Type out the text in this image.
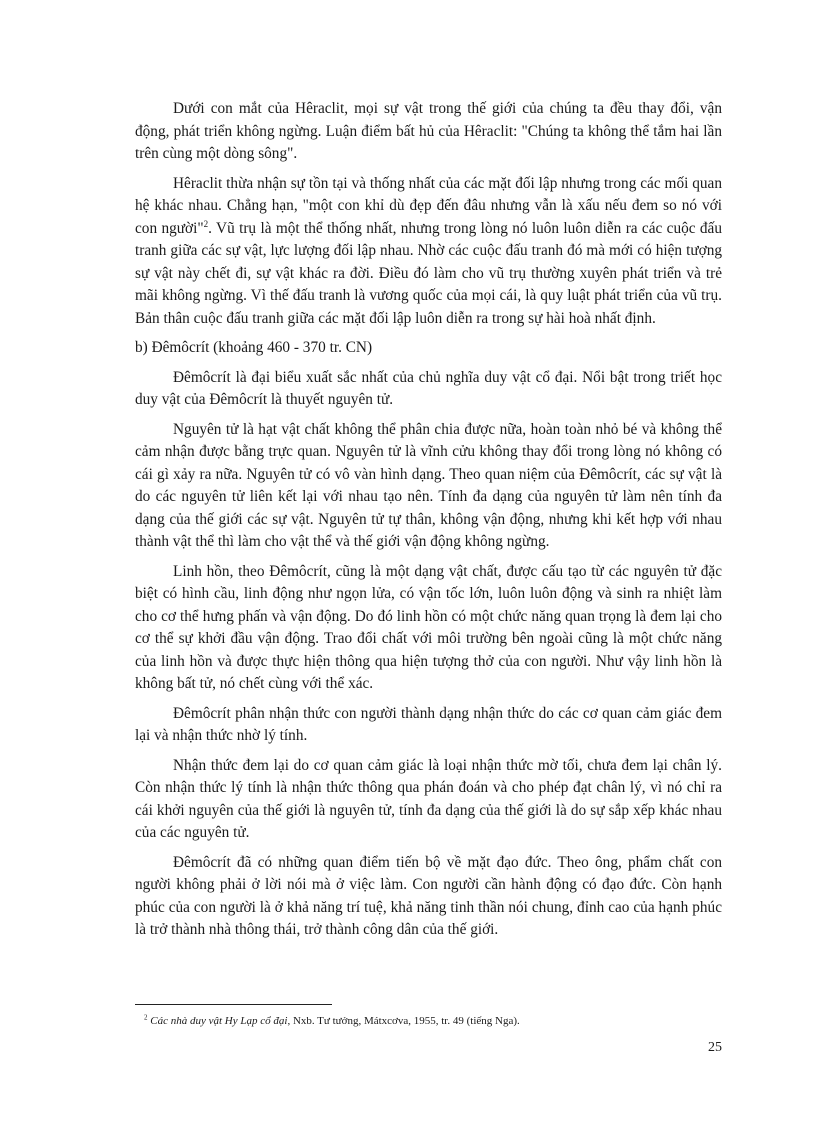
Dưới con mắt của Hêraclit, mọi sự vật trong thế giới của chúng ta đều thay đổi, vận động, phát triển không ngừng. Luận điểm bất hủ của Hêraclit: "Chúng ta không thể tắm hai lần trên cùng một dòng sông".

Hêraclit thừa nhận sự tồn tại và thống nhất của các mặt đối lập nhưng trong các mối quan hệ khác nhau. Chẳng hạn, "một con khỉ dù đẹp đến đâu nhưng vẫn là xấu nếu đem so nó với con người"$^2$. Vũ trụ là một thể thống nhất, nhưng trong lòng nó luôn luôn diễn ra các cuộc đấu tranh giữa các sự vật, lực lượng đối lập nhau. Nhờ các cuộc đấu tranh đó mà mới có hiện tượng sự vật này chết đi, sự vật khác ra đời. Điều đó làm cho vũ trụ thường xuyên phát triển và trẻ mãi không ngừng. Vì thế đấu tranh là vương quốc của mọi cái, là quy luật phát triển của vũ trụ. Bản thân cuộc đấu tranh giữa các mặt đối lập luôn diễn ra trong sự hài hoà nhất định.

b) Đêmôcrít (khoảng 460 - 370 tr. CN)

Đêmôcrít là đại biểu xuất sắc nhất của chủ nghĩa duy vật cổ đại. Nổi bật trong triết học duy vật của Đêmôcrít là thuyết nguyên tử.

Nguyên tử là hạt vật chất không thể phân chia được nữa, hoàn toàn nhỏ bé và không thể cảm nhận được bằng trực quan. Nguyên tử là vĩnh cửu không thay đổi trong lòng nó không có cái gì xảy ra nữa. Nguyên tử có vô vàn hình dạng. Theo quan niệm của Đêmôcrít, các sự vật là do các nguyên tử liên kết lại với nhau tạo nên. Tính đa dạng của nguyên tử làm nên tính đa dạng của thế giới các sự vật. Nguyên tử tự thân, không vận động, nhưng khi kết hợp với nhau thành vật thể thì làm cho vật thể và thế giới vận động không ngừng.

Linh hồn, theo Đêmôcrít, cũng là một dạng vật chất, được cấu tạo từ các nguyên tử đặc biệt có hình cầu, linh động như ngọn lửa, có vận tốc lớn, luôn luôn động và sinh ra nhiệt làm cho cơ thể hưng phấn và vận động. Do đó linh hồn có một chức năng quan trọng là đem lại cho cơ thể sự khởi đầu vận động. Trao đổi chất với môi trường bên ngoài cũng là một chức năng của linh hồn và được thực hiện thông qua hiện tượng thở của con người. Như vậy linh hồn là không bất tử, nó chết cùng với thể xác.

Đêmôcrít phân nhận thức con người thành dạng nhận thức do các cơ quan cảm giác đem lại và nhận thức nhờ lý tính.

Nhận thức đem lại do cơ quan cảm giác là loại nhận thức mờ tối, chưa đem lại chân lý. Còn nhận thức lý tính là nhận thức thông qua phán đoán và cho phép đạt chân lý, vì nó chỉ ra cái khởi nguyên của thế giới là nguyên tử, tính đa dạng của thế giới là do sự sắp xếp khác nhau của các nguyên tử.

Đêmôcrít đã có những quan điểm tiến bộ về mặt đạo đức. Theo ông, phẩm chất con người không phải ở lời nói mà ở việc làm. Con người cần hành động có đạo đức. Còn hạnh phúc của con người là ở khả năng trí tuệ, khả năng tinh thần nói chung, đỉnh cao của hạnh phúc là trở thành nhà thông thái, trở thành công dân của thế giới.

$^2$ Các nhà duy vật Hy Lạp cổ đại, Nxb. Tư tưởng, Mátxcơva, 1955, tr. 49 (tiếng Nga).
25
